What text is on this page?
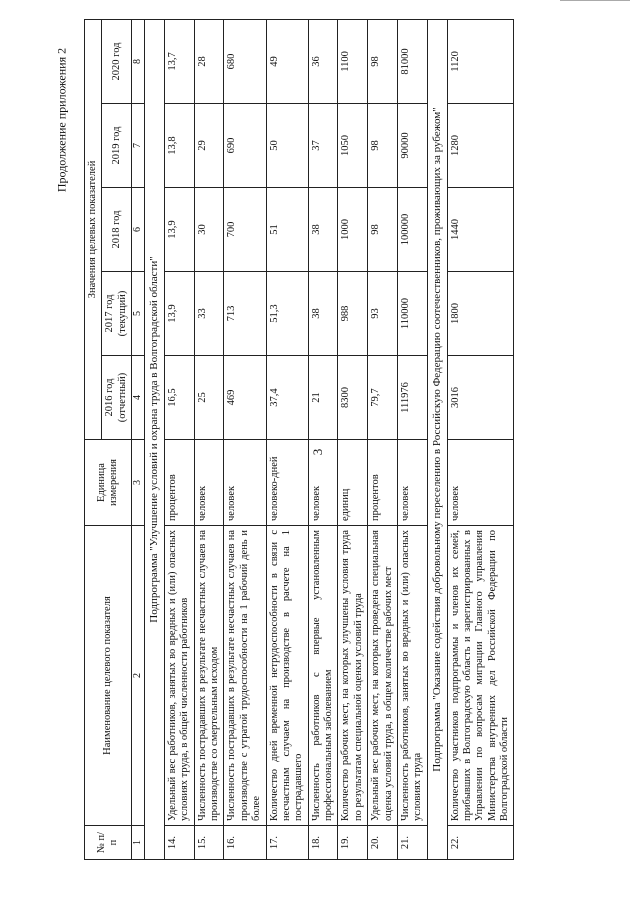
3
Продолжение приложения 2
№ п/п	Наименование целевого показателя	Единица измерения	Значения целевых показателей				
			2016 год (отчетный)	2017 год (текущий)	2018 год	2019 год	2020 год
1	2	3	4	5	6	7	8
Подпрограмма "Улучшение условий и охрана труда в Волгоградской области"							
14.	Удельный вес работников, занятых во вредных и (или) опасных условиях труда, в общей численности работников	процентов	16,5	13,9	13,9	13,8	13,7
15.	Численность пострадавших в результате несчастных случаев на производстве со смертельным исходом	человек	25	33	30	29	28
16.	Численность пострадавших в результате несчастных случаев на производстве с утратой трудоспособности на 1 рабочий день и более	человек	469	713	700	690	680
17.	Количество дней временной нетрудоспособности в связи с несчастным случаем на производстве в расчете на 1 пострадавшего	человеко-дней	37,4	51,3	51	50	49
18.	Численность работников с впервые установленным профессиональным заболеванием	человек	21	38	38	37	36
19.	Количество рабочих мест, на которых улучшены условия труда по результатам специальной оценки условий труда	единиц	8300	988	1000	1050	1100
20.	Удельный вес рабочих мест, на которых проведена специальная оценка условий труда, в общем количестве рабочих мест	процентов	79,7	93	98	98	98
21.	Численность работников, занятых во вредных и (или) опасных условиях труда	человек	111976	110000	100000	90000	81000
Подпрограмма "Оказание содействия добровольному переселению в Российскую Федерацию соотечественников, проживающих за рубежом"							
22.	Количество участников подпрограммы и членов их семей, прибывших в Волгоградскую область и зарегистрированных в Управлении по вопросам миграции Главного управления Министерства внутренних дел Российской Федерации по Волгоградской области	человек	3016	1800	1440	1280	1120
